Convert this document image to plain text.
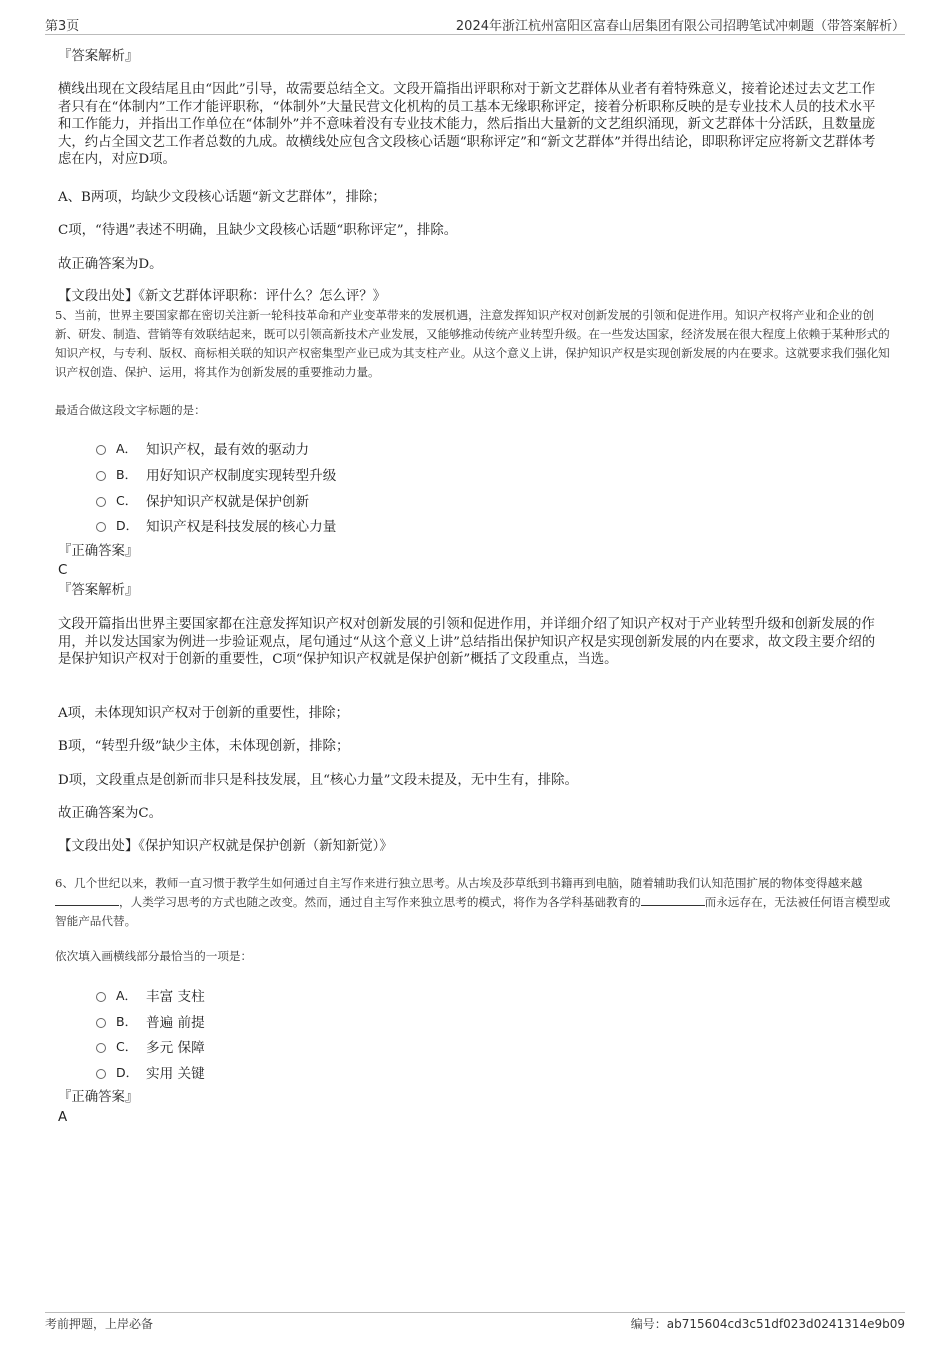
第3页	2024年浙江杭州富阳区富春山居集团有限公司招聘笔试冲刺题（带答案解析）
『答案解析』
横线出现在文段结尾且由“因此”引导，故需要总结全文。文段开篇指出评职称对于新文艺群体从业者有着特殊意义，接着论述过去文艺工作者只有在“体制内”工作才能评职称，“体制外”大量民营文化机构的员工基本无缘职称评定，接着分析职称反映的是专业技术人员的技术水平和工作能力，并指出工作单位在“体制外”并不意味着没有专业技术能力，然后指出大量新的文艺组织涌现，新文艺群体十分活跃，且数量庞大，约占全国文艺工作者总数的九成。故横线处应包含文段核心话题“职称评定”和“新文艺群体”并得出结论，即职称评定应将新文艺群体考虑在内，对应D项。
A、B两项，均缺少文段核心话题“新文艺群体”，排除；
C项，“待遇”表述不明确，且缺少文段核心话题“职称评定”，排除。
故正确答案为D。
【文段出处】《新文艺群体评职称：评什么？怎么评？》
5、当前，世界主要国家都在密切关注新一轮科技革命和产业变革带来的发展机遇，注意发挥知识产权对创新发展的引领和促进作用。知识产权将产业和企业的创新、研发、制造、营销等有效联结起来，既可以引领高新技术产业发展，又能够推动传统产业转型升级。在一些发达国家，经济发展在很大程度上依赖于某种形式的知识产权，与专利、版权、商标相关联的知识产权密集型产业已成为其支柱产业。从这个意义上讲，保护知识产权是实现创新发展的内在要求。这就要求我们强化知识产权创造、保护、运用，将其作为创新发展的重要推动力量。
最适合做这段文字标题的是：
A． 知识产权，最有效的驱动力
B． 用好知识产权制度实现转型升级
C． 保护知识产权就是保护创新
D． 知识产权是科技发展的核心力量
『正确答案』
C
『答案解析』
文段开篇指出世界主要国家都在注意发挥知识产权对创新发展的引领和促进作用，并详细介绍了知识产权对于产业转型升级和创新发展的作用，并以发达国家为例进一步验证观点，尾句通过“从这个意义上讲”总结指出保护知识产权是实现创新发展的内在要求，故文段主要介绍的是保护知识产权对于创新的重要性，C项“保护知识产权就是保护创新”概括了文段重点，当选。
A项，未体现知识产权对于创新的重要性，排除；
B项，“转型升级”缺少主体，未体现创新，排除；
D项，文段重点是创新而非只是科技发展，且“核心力量”文段未提及，无中生有，排除。
故正确答案为C。
【文段出处】《保护知识产权就是保护创新（新知新觉）》
6、几个世纪以来，教师一直习惯于教学生如何通过自主写作来进行独立思考。从古埃及莎草纸到书籍再到电脑，随着辅助我们认知范围扩展的物体变得越来越，人类学习思考的方式也随之改变。然而，通过自主写作来独立思考的模式，将作为各学科基础教育的	而永远存在，无法被任何语言模型或智能产品代替。
依次填入画横线部分最恰当的一项是：
A． 丰富 支柱
B． 普遍 前提
C． 多元 保障
D． 实用 关键
『正确答案』
A
考前押题，上岸必备	编号：ab715604cd3c51df023d0241314e9b09
